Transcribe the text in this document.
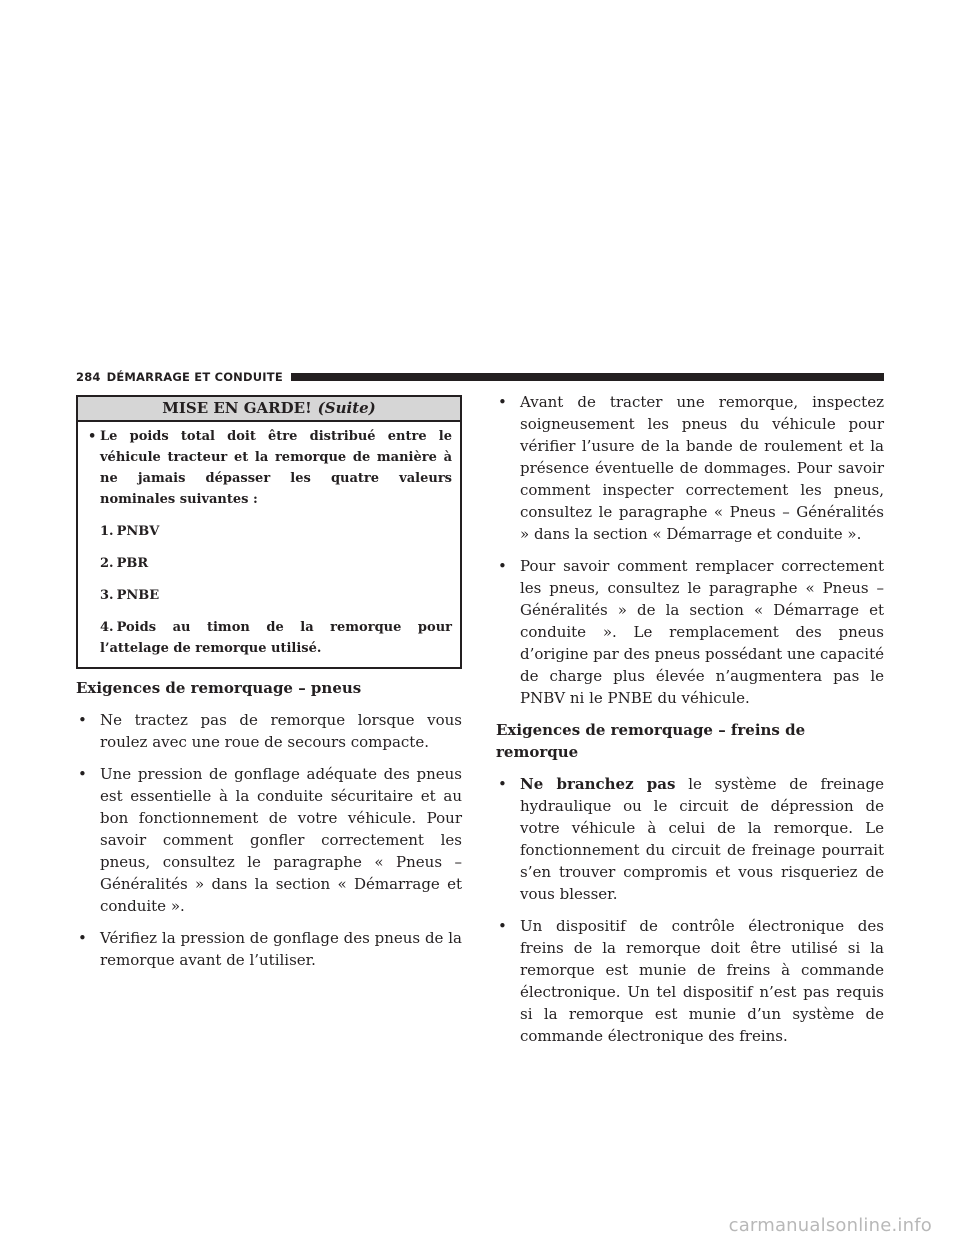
284 DÉMARRAGE ET CONDUITE
MISE EN GARDE! (Suite)
• Le poids total doit être distribué entre le véhicule tracteur et la remorque de manière à ne jamais dépasser les quatre valeurs nominales suivantes :
1. PNBV
2. PBR
3. PNBE
4. Poids au timon de la remorque pour l’attelage de remorque utilisé.
Exigences de remorquage – pneus
• Ne tractez pas de remorque lorsque vous roulez avec une roue de secours compacte.
• Une pression de gonflage adéquate des pneus est essentielle à la conduite sécuritaire et au bon fonctionnement de votre véhicule. Pour savoir comment gonfler correctement les pneus, consultez le paragraphe « Pneus – Généralités » dans la section « Démarrage et conduite ».
• Vérifiez la pression de gonflage des pneus de la remorque avant de l’utiliser.
• Avant de tracter une remorque, inspectez soigneusement les pneus du véhicule pour vérifier l’usure de la bande de roulement et la présence éventuelle de dommages. Pour savoir comment inspecter correctement les pneus, consultez le paragraphe « Pneus – Généralités » dans la section « Démarrage et conduite ».
• Pour savoir comment remplacer correctement les pneus, consultez le paragraphe « Pneus – Généralités » de la section « Démarrage et conduite ». Le remplacement des pneus d’origine par des pneus possédant une capacité de charge plus élevée n’augmentera pas le PNBV ni le PNBE du véhicule.
Exigences de remorquage – freins de remorque
• Ne branchez pas le système de freinage hydraulique ou le circuit de dépression de votre véhicule à celui de la remorque. Le fonctionnement du circuit de freinage pourrait s’en trouver compromis et vous risqueriez de vous blesser.
• Un dispositif de contrôle électronique des freins de la remorque doit être utilisé si la remorque est munie de freins à commande électronique. Un tel dispositif n’est pas requis si la remorque est munie d’un système de commande électronique des freins.
carmanualsonline.info
